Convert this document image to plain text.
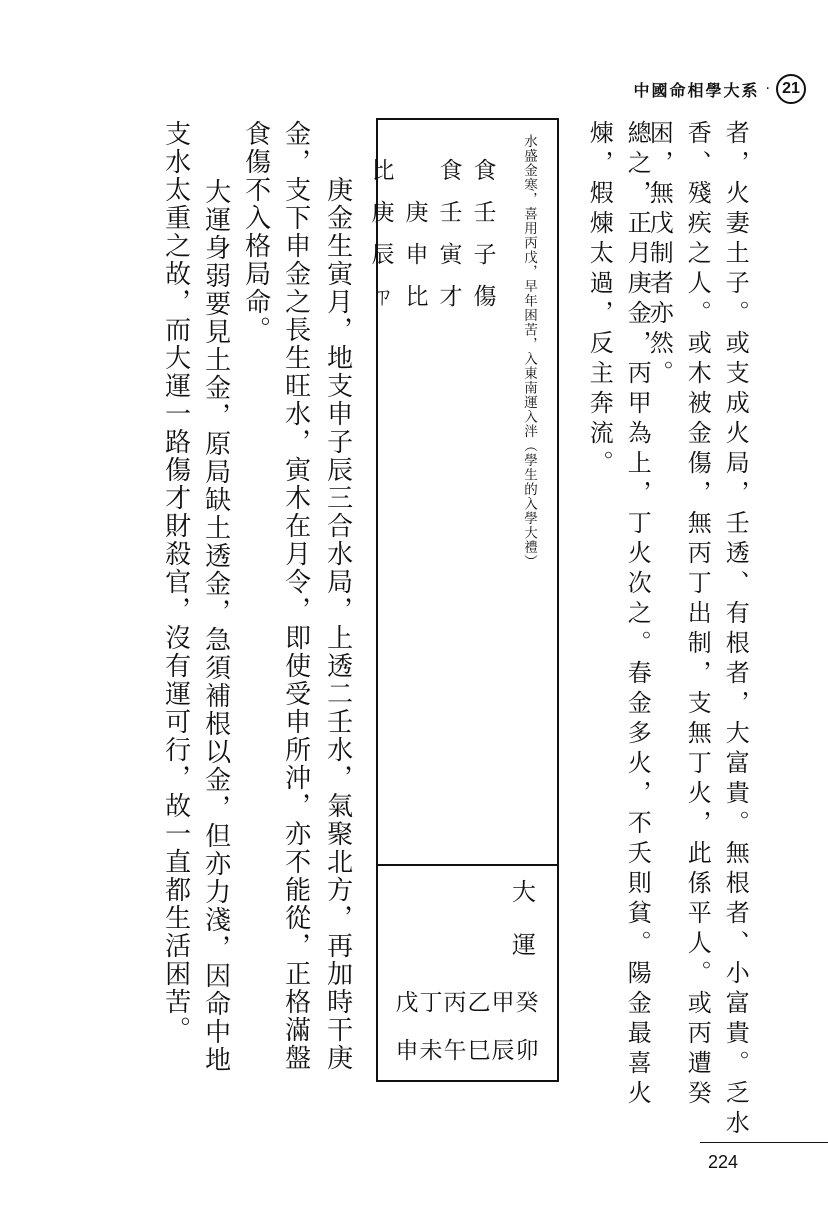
中國命相學大系 · 21
者，火妻土子。或支成火局，壬透、有根者，大富貴。無根者、小富貴。乏水
香、殘疾之人。或木被金傷，無丙丁出制，支無丁火，此係平人。或丙遭癸
困，無戊制者亦然。
總之，正月庚金，丙甲為上，丁火次之。春金多火，不夭則貧。陽金最喜火
煉，煆煉太過，反主奔流。
水盛金寒，喜用丙戊，早年困苦，入東南運入泮（學生的入學大禮）
食
壬
子
傷
食
壬
寅
才
庚
申
比
比
庚
辰
ㄗ
大
運
戊丁丙乙甲癸
申未午巳辰卯
庚金生寅月，地支申子辰三合水局，上透二壬水，氣聚北方，再加時干庚
金，支下申金之長生旺水，寅木在月令，即使受申所沖，亦不能從，正格滿盤
食傷不入格局命。
　大運身弱要見土金，原局缺土透金，急須補根以金，但亦力淺，因命中地
支水太重之故，而大運一路傷才財殺官，沒有運可行，故一直都生活困苦。
224
